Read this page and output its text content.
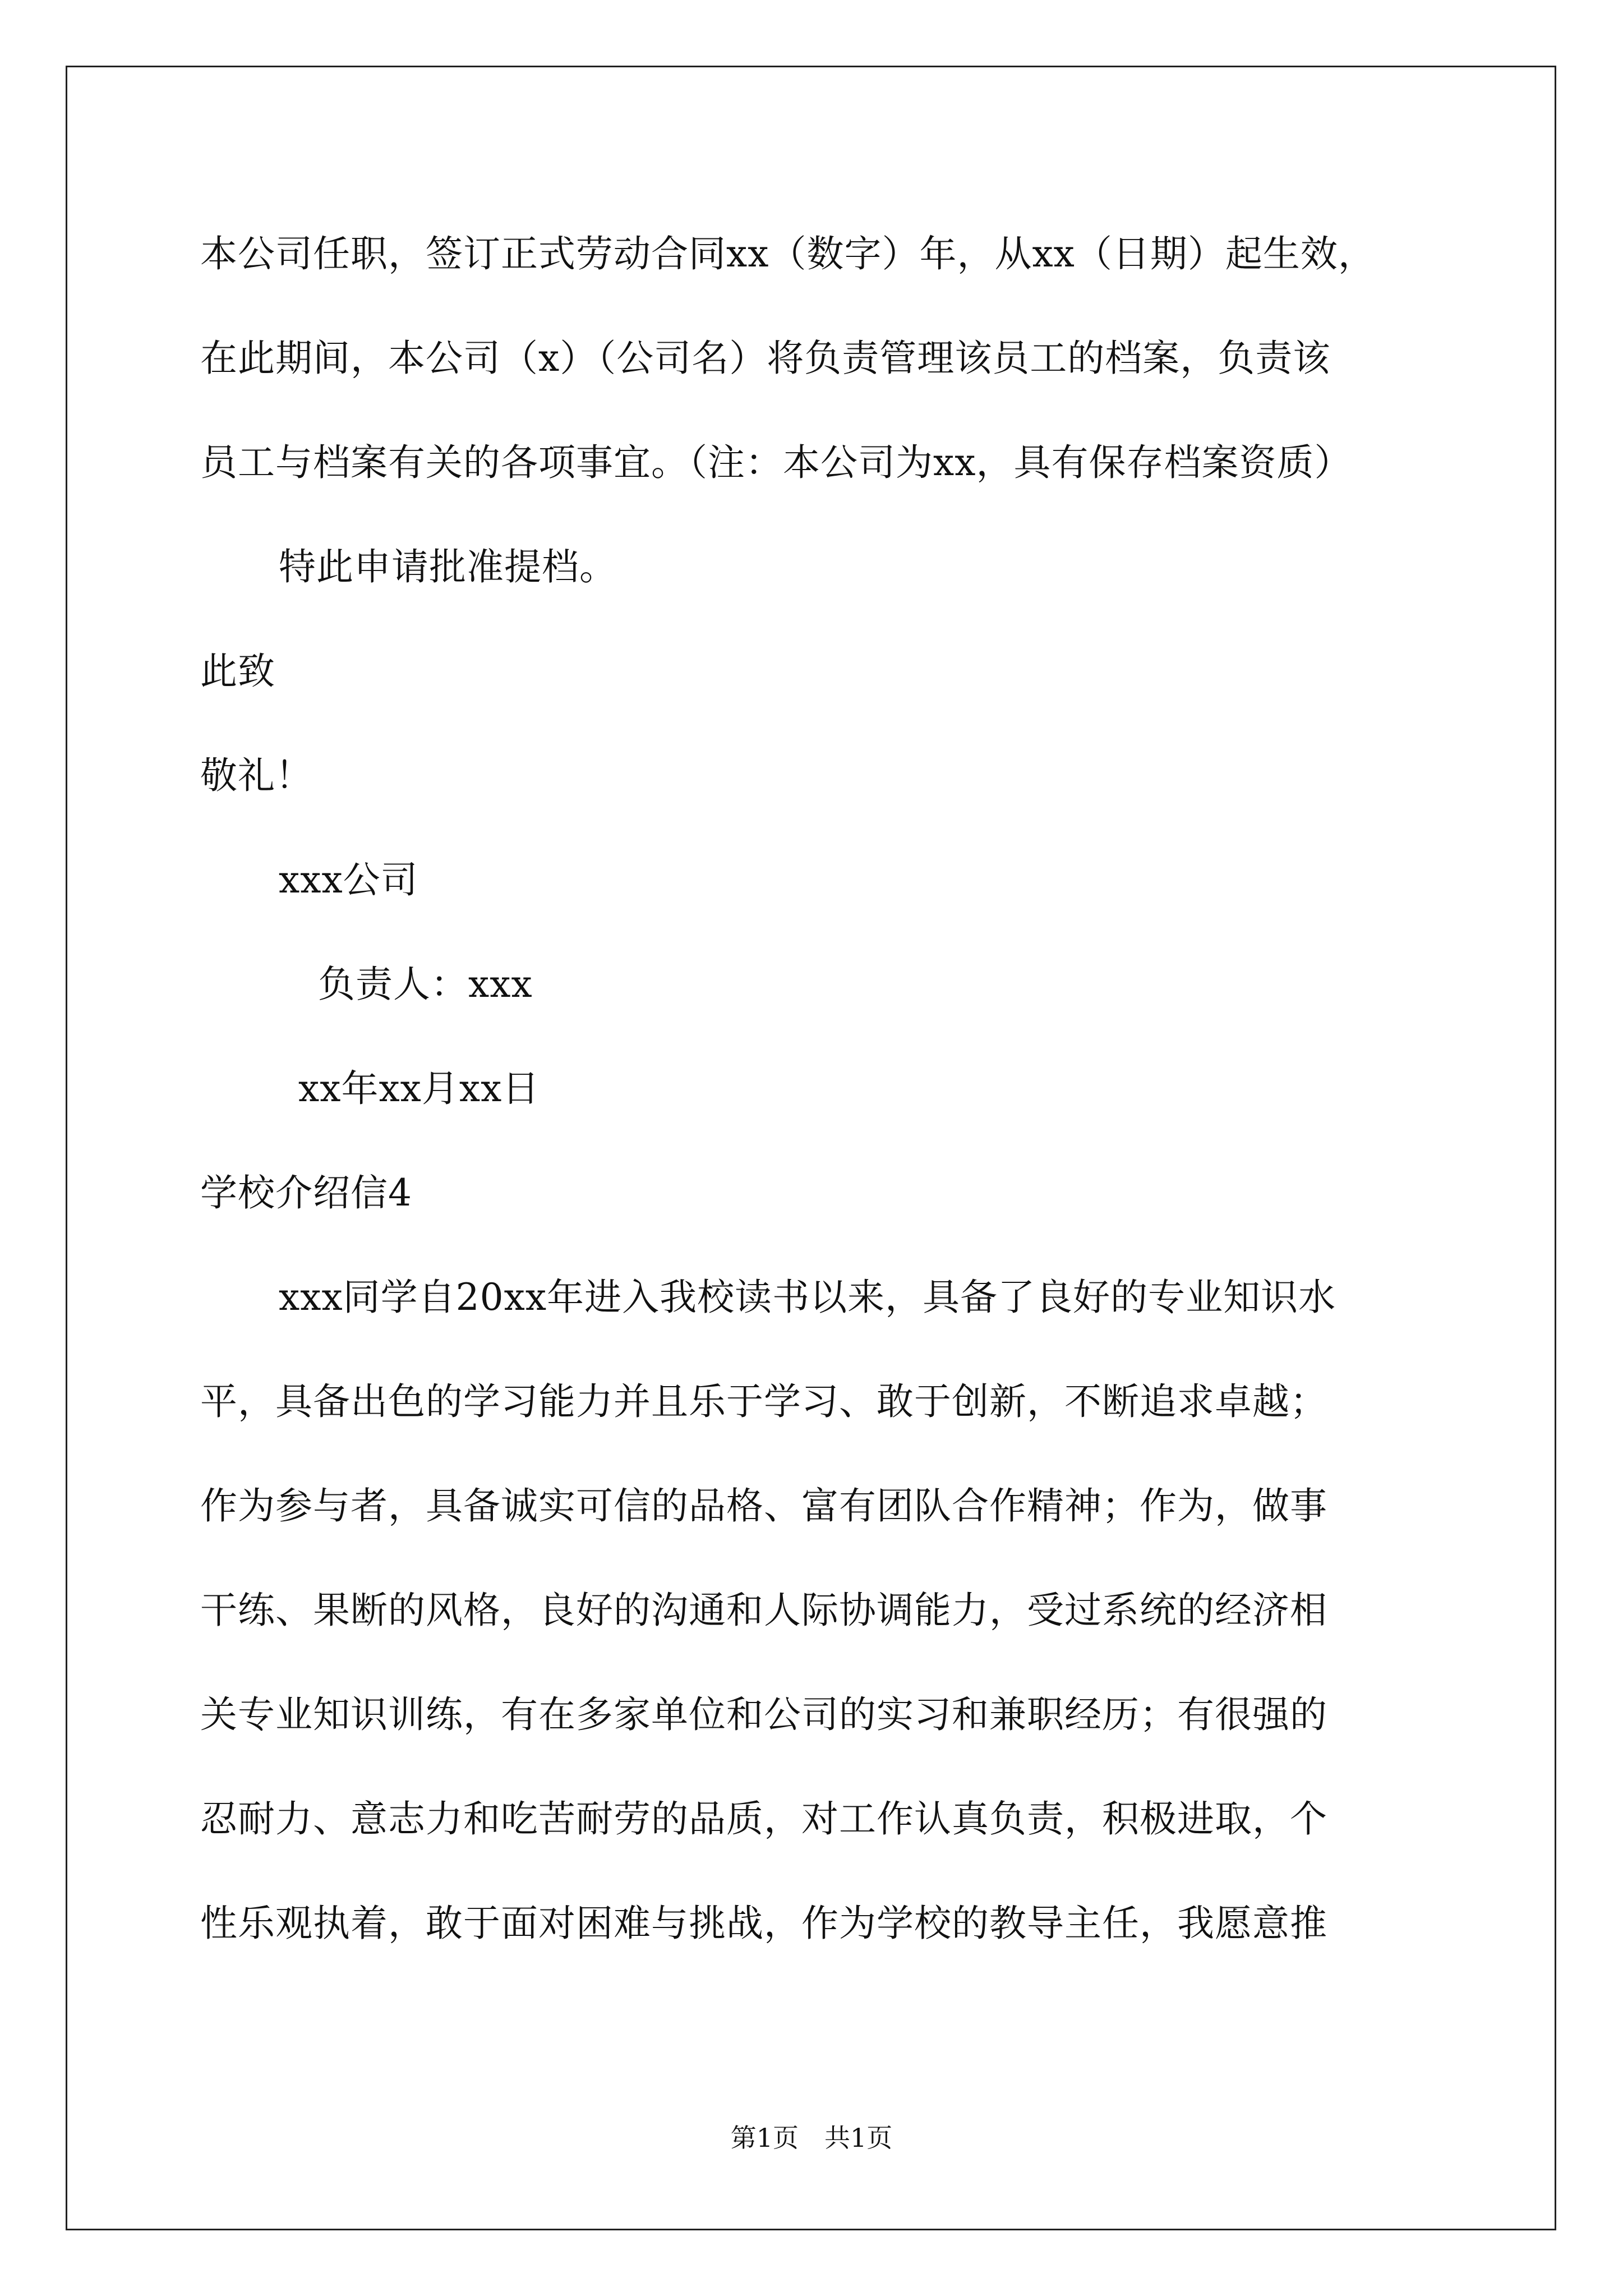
本公司任职，签订正式劳动合同xx（数字）年，从xx（日期）起生效，
在此期间，本公司（x）（公司名）将负责管理该员工的档案，负责该
员工与档案有关的各项事宜。（注：本公司为xx，具有保存档案资质）
特此申请批准提档。
此致
敬礼！
xxx公司
负责人：xxx
xx年xx月xx日
学校介绍信4
xxx同学自20xx年进入我校读书以来，具备了良好的专业知识水
平，具备出色的学习能力并且乐于学习、敢于创新，不断追求卓越；
作为参与者，具备诚实可信的品格、富有团队合作精神；作为，做事
干练、果断的风格，良好的沟通和人际协调能力，受过系统的经济相
关专业知识训练，有在多家单位和公司的实习和兼职经历；有很强的
忍耐力、意志力和吃苦耐劳的品质，对工作认真负责，积极进取，个
性乐观执着，敢于面对困难与挑战，作为学校的教导主任，我愿意推
第1页　共1页
